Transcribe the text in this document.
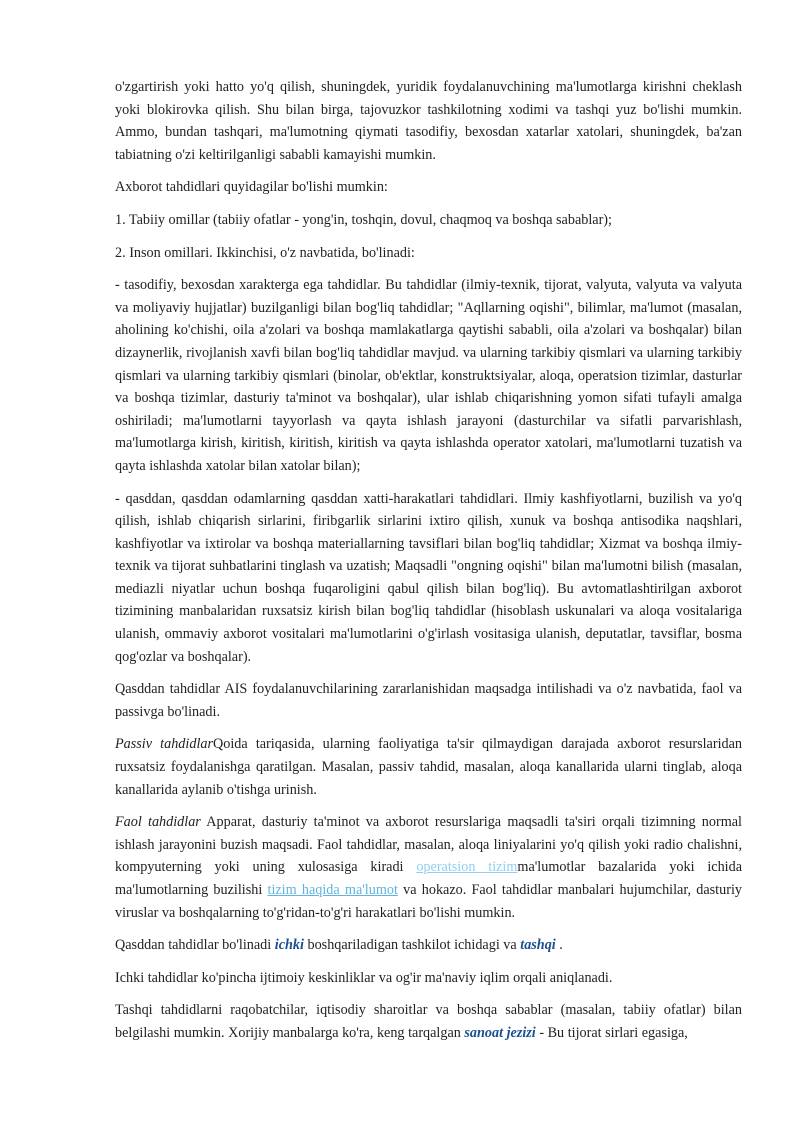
o'zgartirish yoki hatto yo'q qilish, shuningdek, yuridik foydalanuvchining ma'lumotlarga kirishni cheklash yoki blokirovka qilish. Shu bilan birga, tajovuzkor tashkilotning xodimi va tashqi yuz bo'lishi mumkin. Ammo, bundan tashqari, ma'lumotning qiymati tasodifiy, bexosdan xatarlar xatolari, shuningdek, ba'zan tabiatning o'zi keltirilganligi sababli kamayishi mumkin.

Axborot tahdidlari quyidagilar bo'lishi mumkin:

1. Tabiiy omillar (tabiiy ofatlar - yong'in, toshqin, dovul, chaqmoq va boshqa sabablar);

2. Inson omillari. Ikkinchisi, o'z navbatida, bo'linadi:

- tasodifiy, bexosdan xarakterga ega tahdidlar. Bu tahdidlar (ilmiy-texnik, tijorat, valyuta, valyuta va valyuta va moliyaviy hujjatlar) buzilganligi bilan bog'liq tahdidlar; "Aqllarning oqishi", bilimlar, ma'lumot (masalan, aholining ko'chishi, oila a'zolari va boshqa mamlakatlarga qaytishi sababli, oila a'zolari va boshqalar) bilan dizaynerlik, rivojlanish xavfi bilan bog'liq tahdidlar mavjud. va ularning tarkibiy qismlari va ularning tarkibiy qismlari va ularning tarkibiy qismlari (binolar, ob'ektlar, konstruktsiyalar, aloqa, operatsion tizimlar, dasturlar va boshqa tizimlar, dasturiy ta'minot va boshqalar), ular ishlab chiqarishning yomon sifati tufayli amalga oshiriladi; ma'lumotlarni tayyorlash va qayta ishlash jarayoni (dasturchilar va sifatli parvarishlash, ma'lumotlarga kirish, kiritish, kiritish, kiritish va qayta ishlashda operator xatolari, ma'lumotlarni tuzatish va qayta ishlashda xatolar bilan xatolar bilan);

- qasddan, qasddan odamlarning qasddan xatti-harakatlari tahdidlari. Ilmiy kashfiyotlarni, buzilish va yo'q qilish, ishlab chiqarish sirlarini, firibgarlik sirlarini ixtiro qilish, xunuk va boshqa antisodika naqshlari, kashfiyotlar va ixtirolar va boshqa materiallarning tavsiflari bilan bog'liq tahdidlar; Xizmat va boshqa ilmiy-texnik va tijorat suhbatlarini tinglash va uzatish; Maqsadli "ongning oqishi" bilan ma'lumotni bilish (masalan, mediazli niyatlar uchun boshqa fuqaroligini qabul qilish bilan bog'liq). Bu avtomatlashtirilgan axborot tizimining manbalaridan ruxsatsiz kirish bilan bog'liq tahdidlar (hisoblash uskunalari va aloqa vositalariga ulanish, ommaviy axborot vositalari ma'lumotlarini o'g'irlash vositasiga ulanish, deputatlar, tavsiflar, bosma qog'ozlar va boshqalar).

Qasddan tahdidlar AIS foydalanuvchilarining zararlanishidan maqsadga intilishadi va o'z navbatida, faol va passivga bo'linadi.

Passiv tahdidlarQoida tariqasida, ularning faoliyatiga ta'sir qilmaydigan darajada axborot resurslaridan ruxsatsiz foydalanishga qaratilgan. Masalan, passiv tahdid, masalan, aloqa kanallarida ularni tinglab, aloqa kanallarida aylanib o'tishga urinish.

Faol tahdidlar Apparat, dasturiy ta'minot va axborot resurslariga maqsadli ta'siri orqali tizimning normal ishlash jarayonini buzish maqsadi. Faol tahdidlar, masalan, aloqa liniyalarini yo'q qilish yoki radio chalishni, kompyuterning yoki uning xulosasiga kiradi operatsion tizimma'lumotlar bazalarida yoki ichida ma'lumotlarning buzilishi tizim haqida ma'lumot va hokazo. Faol tahdidlar manbalari hujumchilar, dasturiy viruslar va boshqalarning to'g'ridan-to'g'ri harakatlari bo'lishi mumkin.

Qasddan tahdidlar bo'linadi ichki boshqariladigan tashkilot ichidagi va tashqi .

Ichki tahdidlar ko'pincha ijtimoiy keskinliklar va og'ir ma'naviy iqlim orqali aniqlanadi.

Tashqi tahdidlarni raqobatchilar, iqtisodiy sharoitlar va boshqa sabablar (masalan, tabiiy ofatlar) bilan belgilashi mumkin. Xorijiy manbalarga ko'ra, keng tarqalgan sanoat jezizi - Bu tijorat sirlari egasiga,
